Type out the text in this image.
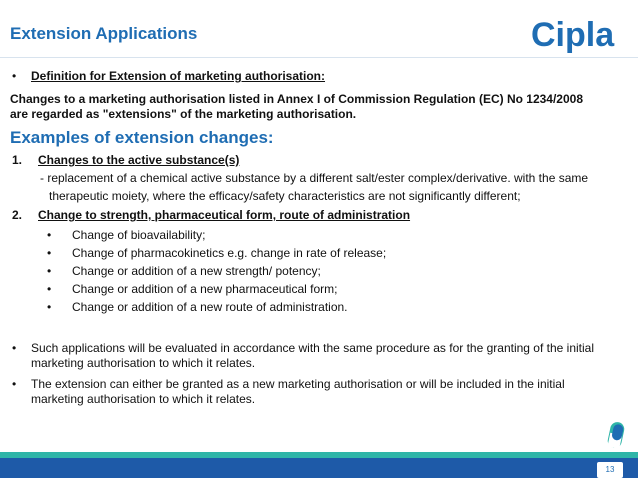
Extension Applications	Cipla
• Definition for Extension of marketing authorisation:
Changes to a marketing authorisation listed in Annex I of Commission Regulation (EC) No 1234/2008
are regarded as "extensions" of the marketing authorisation.
Examples of extension changes:
1. Changes to the active substance(s)
- replacement of a chemical active substance by a different salt/ester complex/derivative. with the same
therapeutic moiety, where the efficacy/safety characteristics are not significantly different;
2. Change to strength, pharmaceutical form, route of administration
• Change of bioavailability;
• Change of pharmacokinetics e.g. change in rate of release;
• Change or addition of a new strength/ potency;
• Change or addition of a new pharmaceutical form;
• Change or addition of a new route of administration.
• Such applications will be evaluated in accordance with the same procedure as for the granting of the initial
marketing authorisation to which it relates.
• The extension can either be granted as a new marketing authorisation or will be included in the initial
marketing authorisation to which it relates.
13
